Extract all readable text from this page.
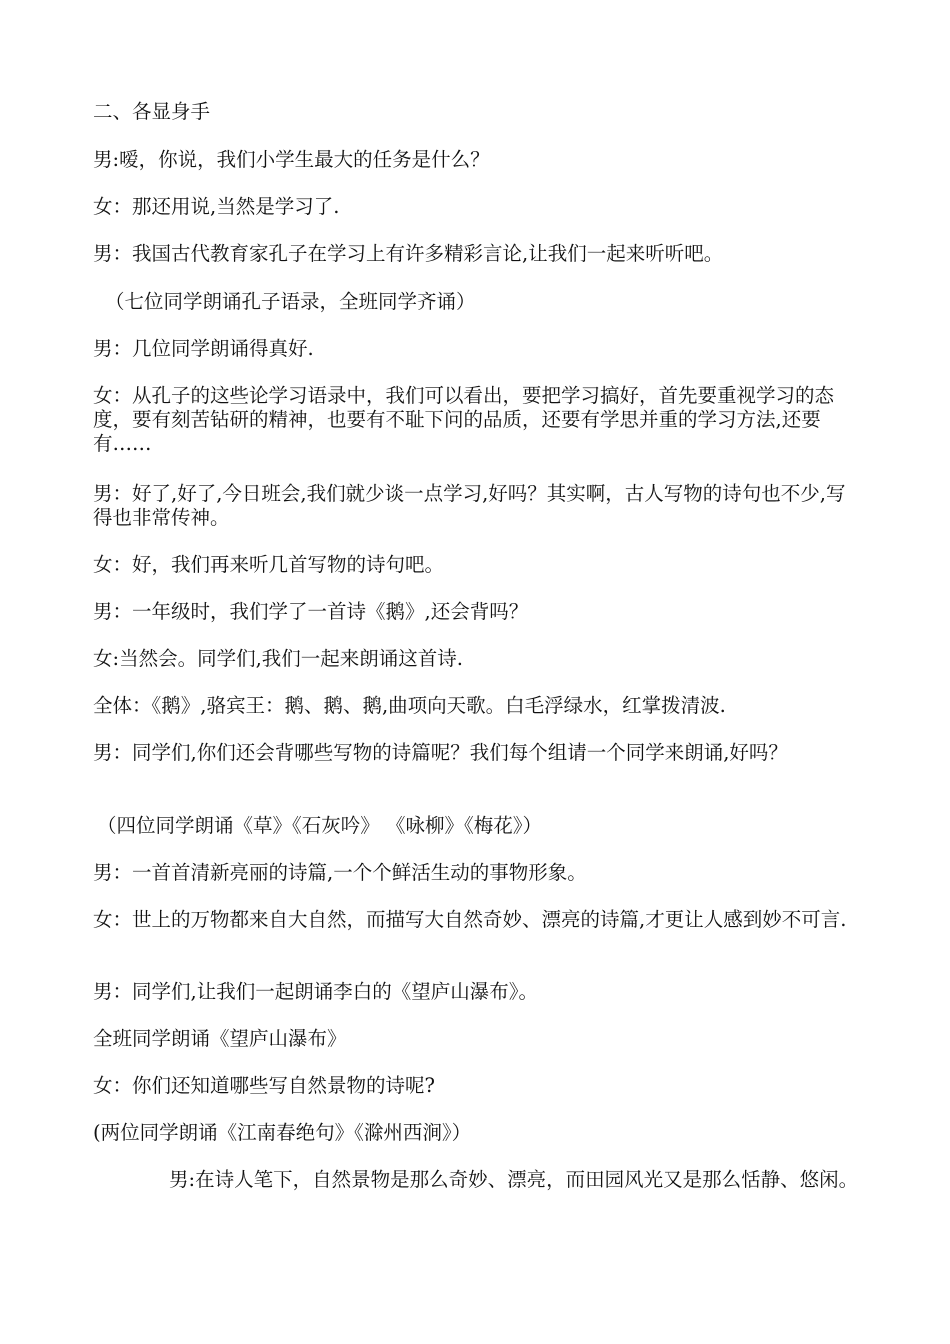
二、各显身手
男:嗳，你说，我们小学生最大的任务是什么？
女：那还用说,当然是学习了.
男：我国古代教育家孔子在学习上有许多精彩言论,让我们一起来听听吧。
（七位同学朗诵孔子语录，全班同学齐诵）
男：几位同学朗诵得真好.
女：从孔子的这些论学习语录中，我们可以看出，要把学习搞好，首先要重视学习的态度，要有刻苦钻研的精神，也要有不耻下问的品质，还要有学思并重的学习方法,还要有……
男：好了,好了,今日班会,我们就少谈一点学习,好吗？其实啊，古人写物的诗句也不少,写得也非常传神。
女：好，我们再来听几首写物的诗句吧。
男：一年级时，我们学了一首诗《鹅》,还会背吗？
女:当然会。同学们,我们一起来朗诵这首诗.
全体：《鹅》,骆宾王：鹅、鹅、鹅,曲项向天歌。白毛浮绿水，红掌拨清波.
男：同学们,你们还会背哪些写物的诗篇呢？我们每个组请一个同学来朗诵,好吗？
（四位同学朗诵《草》《石灰吟》 《咏柳》《梅花》）
男：一首首清新亮丽的诗篇,一个个鲜活生动的事物形象。
女：世上的万物都来自大自然，而描写大自然奇妙、漂亮的诗篇,才更让人感到妙不可言.
男：同学们,让我们一起朗诵李白的《望庐山瀑布》。
全班同学朗诵《望庐山瀑布》
女：你们还知道哪些写自然景物的诗呢?
(两位同学朗诵《江南春绝句》《滁州西涧》）
男:在诗人笔下，自然景物是那么奇妙、漂亮，而田园风光又是那么恬静、悠闲。
